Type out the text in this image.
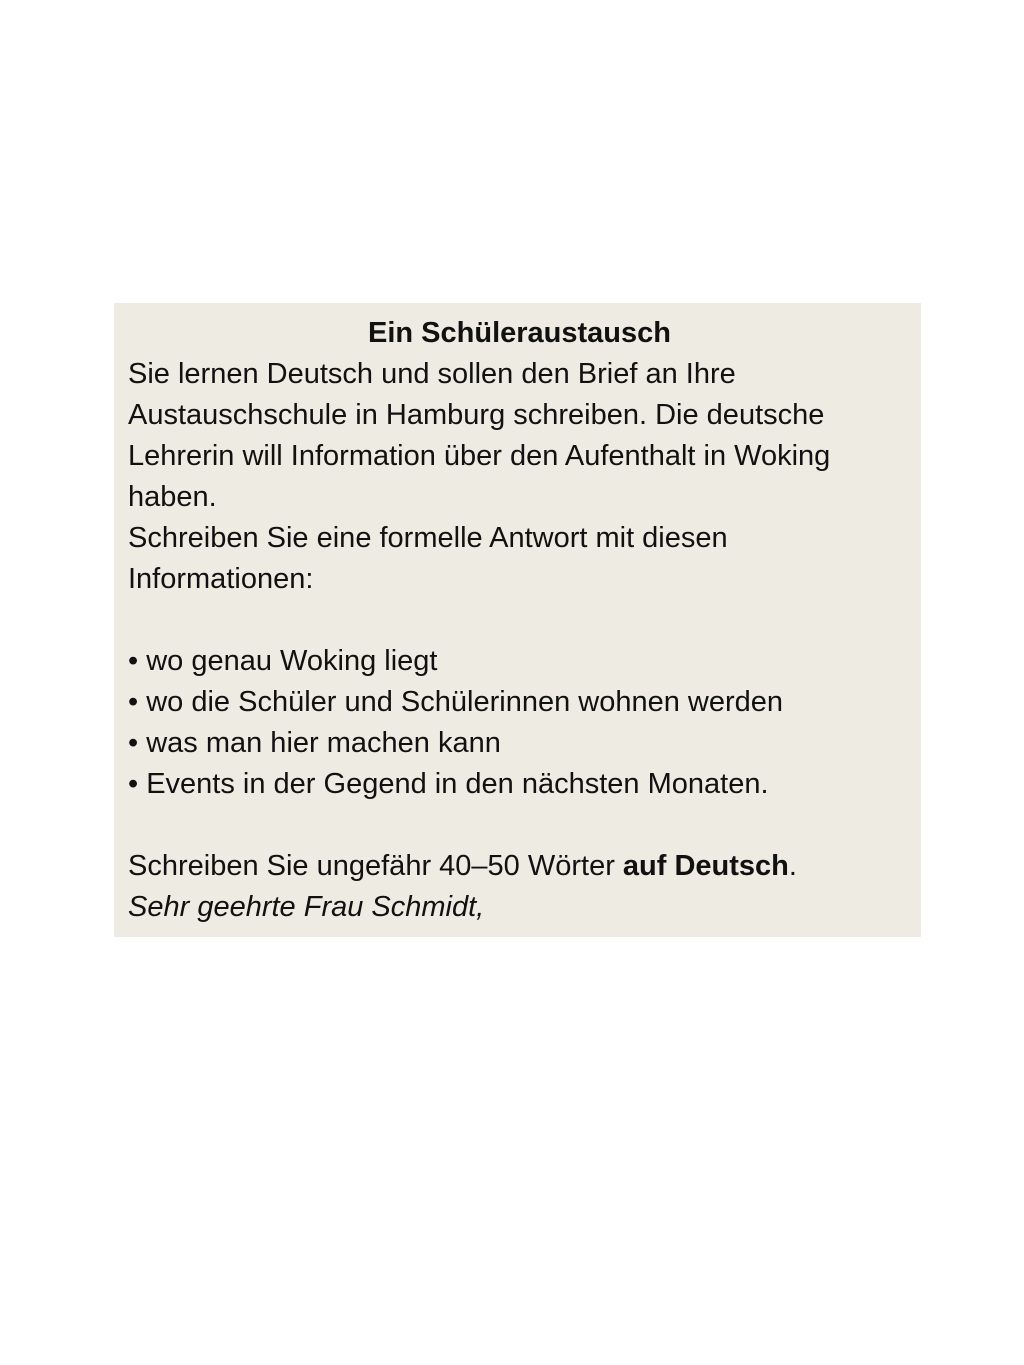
Ein Schüleraustausch

Sie lernen Deutsch und sollen den Brief an Ihre Austauschschule in Hamburg schreiben. Die deutsche Lehrerin will Information über den Aufenthalt in Woking haben.

Schreiben Sie eine formelle Antwort mit diesen Informationen:

• wo genau Woking liegt
• wo die Schüler und Schülerinnen wohnen werden
• was man hier machen kann
• Events in der Gegend in den nächsten Monaten.

Schreiben Sie ungefähr 40–50 Wörter auf Deutsch.

Sehr geehrte Frau Schmidt,
